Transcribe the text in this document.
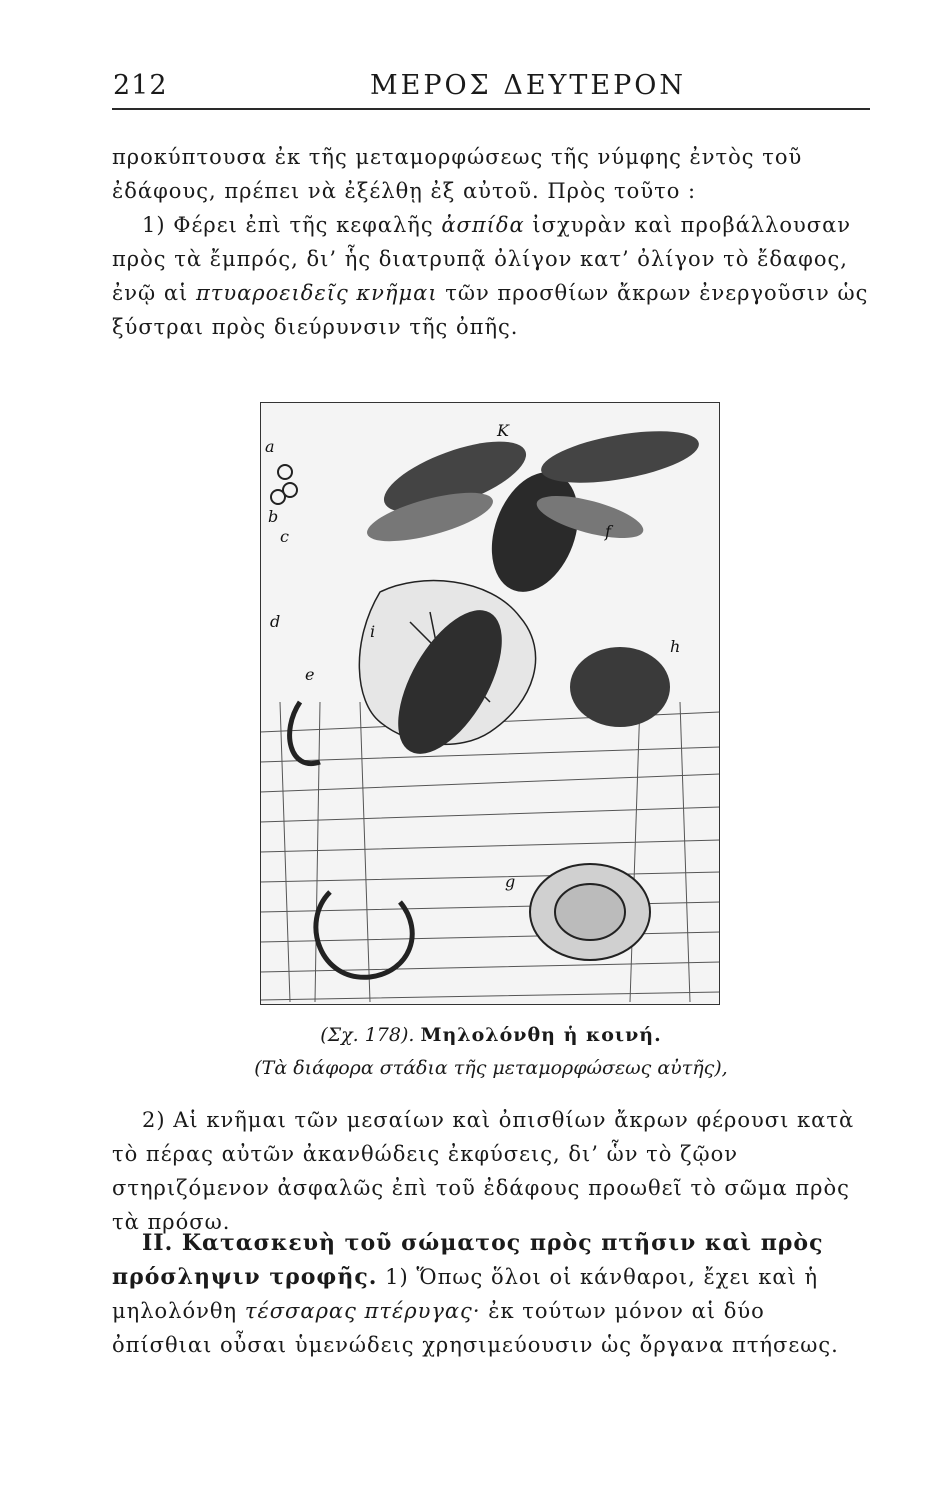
212	ΜΕΡΟΣ ΔΕΥΤΕΡΟΝ

προκύπτουσα ἐκ τῆς μεταμορφώσεως τῆς νύμφης ἐντὸς τοῦ ἐδάφους, πρέπει νὰ ἐξέλθῃ ἐξ αὐτοῦ. Πρὸς τοῦτο :
1) Φέρει ἐπὶ τῆς κεφαλῆς ἀσπίδα ἰσχυρὰν καὶ προβάλλουσαν πρὸς τὰ ἔμπρός, δι’ ἧς διατρυπᾷ ὀλίγον κατ’ ὀλίγον τὸ ἔδαφος, ἐνῷ αἱ πτυαροειδεῖς κνῆμαι τῶν προσθίων ἄκρων ἐνεργοῦσιν ὡς ξύστραι πρὸς διεύρυνσιν τῆς ὀπῆς.

K
a
b
c
d
e
f
g
h
i

(Σχ. 178). Μηλολόνθη ἡ κοινή.

(Τὰ διάφορα στάδια τῆς μεταμορφώσεως αὐτῆς),

2) Αἱ κνῆμαι τῶν μεσαίων καὶ ὀπισθίων ἄκρων φέρουσι κατὰ τὸ πέρας αὐτῶν ἀκανθώδεις ἐκφύσεις, δι’ ὧν τὸ ζῷον στηριζόμενον ἀσφαλῶς ἐπὶ τοῦ ἐδάφους προωθεῖ τὸ σῶμα πρὸς τὰ πρόσω.

ΙΙ. Κατασκευὴ τοῦ σώματος πρὸς πτῆσιν καὶ πρὸς πρόσληψιν τροφῆς. 1) Ὅπως ὅλοι οἱ κάνθαροι, ἔχει καὶ ἡ μηλολόνθη τέσσαρας πτέρυγας· ἐκ τούτων μόνον αἱ δύο ὀπίσθιαι οὖσαι ὑμενώδεις χρησιμεύουσιν ὡς ὄργανα πτήσεως.
